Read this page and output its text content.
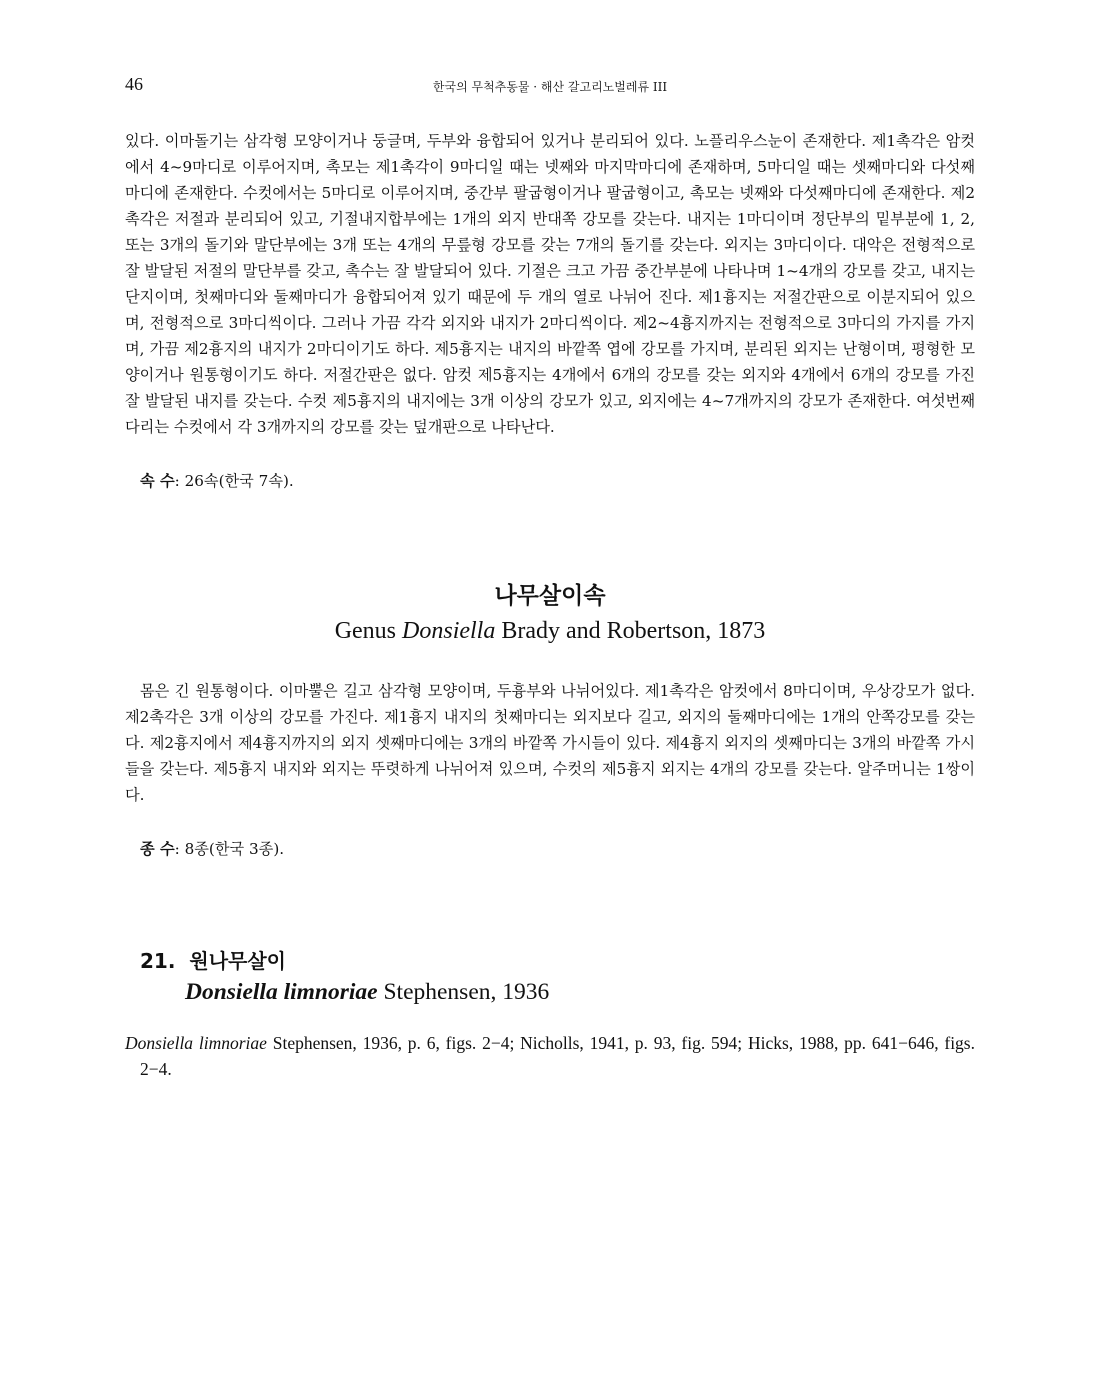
46	한국의 무척추동물 · 해산 갈고리노벌레류 III

있다. 이마돌기는 삼각형 모양이거나 둥글며, 두부와 융합되어 있거나 분리되어 있다. 노플리우스눈이 존재한다. 제1촉각은 암컷에서 4~9마디로 이루어지며, 촉모는 제1촉각이 9마디일 때는 넷째와 마지막마디에 존재하며, 5마디일 때는 셋째마디와 다섯째마디에 존재한다. 수컷에서는 5마디로 이루어지며, 중간부 팔굽형이거나 팔굽형이고, 촉모는 넷째와 다섯째마디에 존재한다. 제2촉각은 저절과 분리되어 있고, 기절내지합부에는 1개의 외지 반대쪽 강모를 갖는다. 내지는 1마디이며 정단부의 밑부분에 1, 2, 또는 3개의 돌기와 말단부에는 3개 또는 4개의 무릎형 강모를 갖는 7개의 돌기를 갖는다. 외지는 3마디이다. 대악은 전형적으로 잘 발달된 저절의 말단부를 갖고, 촉수는 잘 발달되어 있다. 기절은 크고 가끔 중간부분에 나타나며 1~4개의 강모를 갖고, 내지는 단지이며, 첫째마디와 둘째마디가 융합되어져 있기 때문에 두 개의 열로 나뉘어 진다. 제1흉지는 저절간판으로 이분지되어 있으며, 전형적으로 3마디씩이다. 그러나 가끔 각각 외지와 내지가 2마디씩이다. 제2~4흉지까지는 전형적으로 3마디의 가지를 가지며, 가끔 제2흉지의 내지가 2마디이기도 하다. 제5흉지는 내지의 바깥쪽 엽에 강모를 가지며, 분리된 외지는 난형이며, 평형한 모양이거나 원통형이기도 하다. 저절간판은 없다. 암컷 제5흉지는 4개에서 6개의 강모를 갖는 외지와 4개에서 6개의 강모를 가진 잘 발달된 내지를 갖는다. 수컷 제5흉지의 내지에는 3개 이상의 강모가 있고, 외지에는 4~7개까지의 강모가 존재한다. 여섯번째다리는 수컷에서 각 3개까지의 강모를 갖는 덮개판으로 나타난다.

속 수: 26속(한국 7속).

나무살이속
Genus Donsiella Brady and Robertson, 1873

몸은 긴 원통형이다. 이마뿔은 길고 삼각형 모양이며, 두흉부와 나뉘어있다. 제1촉각은 암컷에서 8마디이며, 우상강모가 없다. 제2촉각은 3개 이상의 강모를 가진다. 제1흉지 내지의 첫째마디는 외지보다 길고, 외지의 둘째마디에는 1개의 안쪽강모를 갖는다. 제2흉지에서 제4흉지까지의 외지 셋째마디에는 3개의 바깥쪽 가시들이 있다. 제4흉지 외지의 셋째마디는 3개의 바깥쪽 가시들을 갖는다. 제5흉지 내지와 외지는 뚜렷하게 나뉘어져 있으며, 수컷의 제5흉지 외지는 4개의 강모를 갖는다. 알주머니는 1쌍이다.

종 수: 8종(한국 3종).

21. 원나무살이
Donsiella limnoriae Stephensen, 1936

Donsiella limnoriae Stephensen, 1936, p. 6, figs. 2−4; Nicholls, 1941, p. 93, fig. 594; Hicks, 1988, pp. 641−646, figs. 2−4.
